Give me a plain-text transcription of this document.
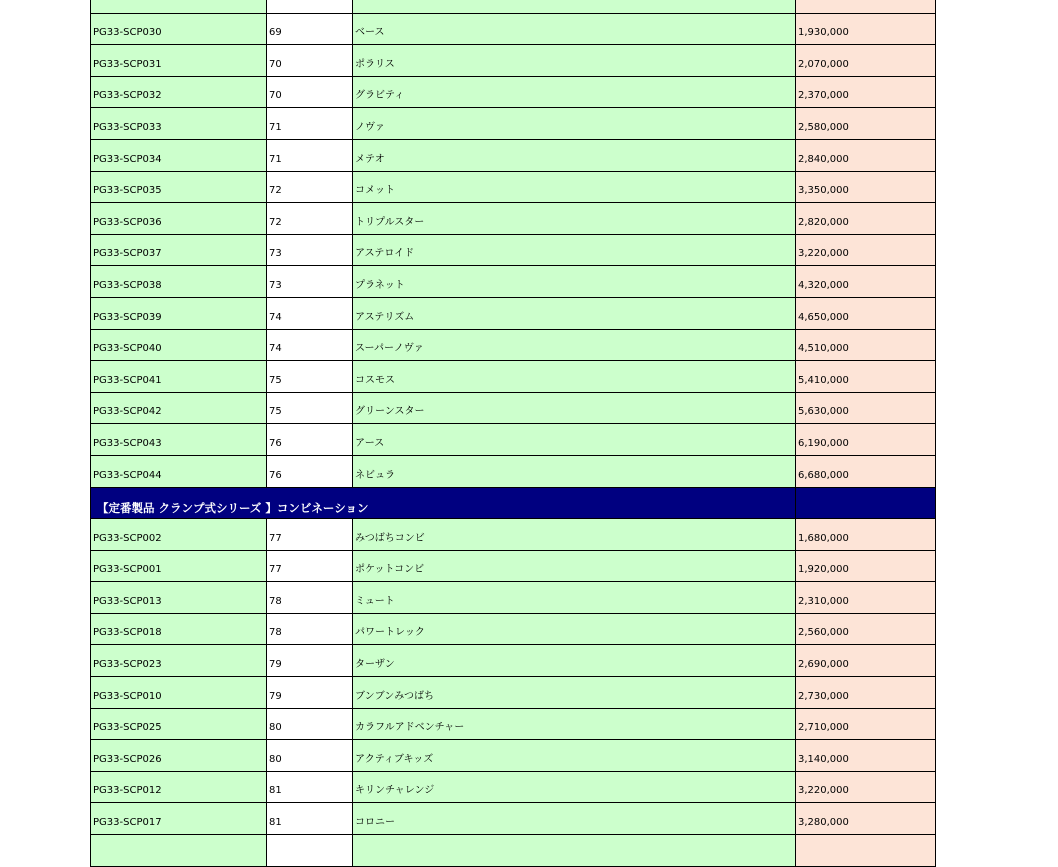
PG33-SCP030	69	ベース	1,930,000
PG33-SCP031	70	ポラリス	2,070,000
PG33-SCP032	70	グラビティ	2,370,000
PG33-SCP033	71	ノヴァ	2,580,000
PG33-SCP034	71	メテオ	2,840,000
PG33-SCP035	72	コメット	3,350,000
PG33-SCP036	72	トリプルスター	2,820,000
PG33-SCP037	73	アステロイド	3,220,000
PG33-SCP038	73	プラネット	4,320,000
PG33-SCP039	74	アステリズム	4,650,000
PG33-SCP040	74	スーパーノヴァ	4,510,000
PG33-SCP041	75	コスモス	5,410,000
PG33-SCP042	75	グリーンスター	5,630,000
PG33-SCP043	76	アース	6,190,000
PG33-SCP044	76	ネビュラ	6,680,000
【定番製品 クランプ式シリーズ 】コンビネーション			
PG33-SCP002	77	みつばちコンビ	1,680,000
PG33-SCP001	77	ポケットコンビ	1,920,000
PG33-SCP013	78	ミュート	2,310,000
PG33-SCP018	78	パワートレック	2,560,000
PG33-SCP023	79	ターザン	2,690,000
PG33-SCP010	79	ブンブンみつばち	2,730,000
PG33-SCP025	80	カラフルアドベンチャー	2,710,000
PG33-SCP026	80	アクティブキッズ	3,140,000
PG33-SCP012	81	キリンチャレンジ	3,220,000
PG33-SCP017	81	コロニー	3,280,000
